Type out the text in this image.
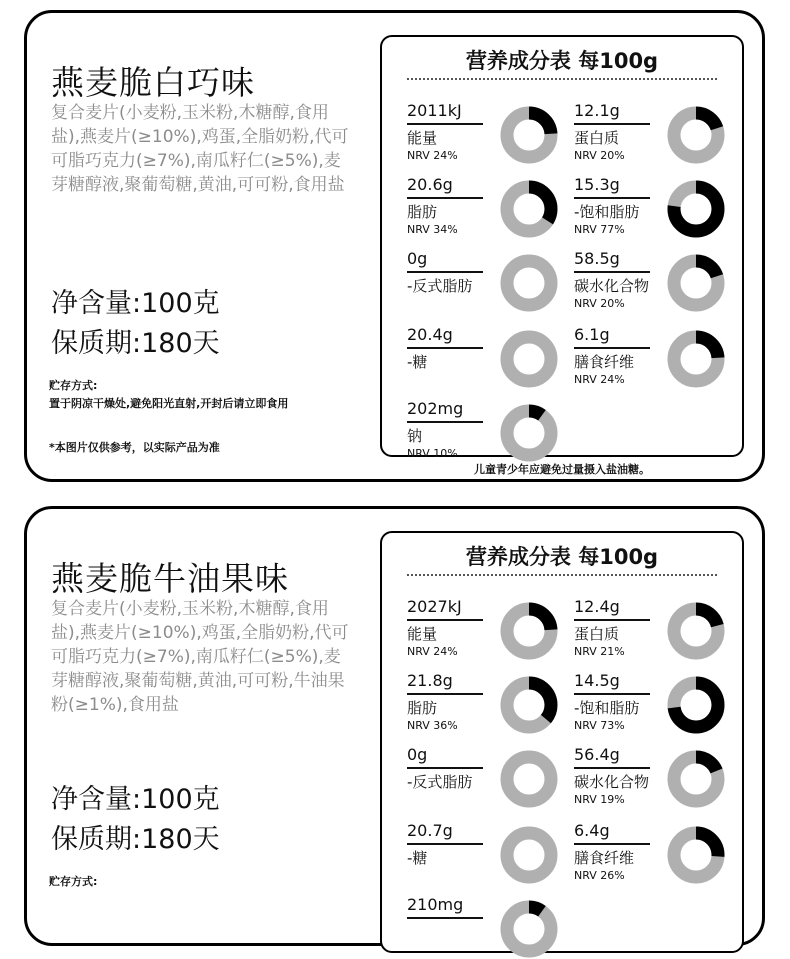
燕麦脆白巧味
复合麦片(小麦粉,玉米粉,木糖醇,食用盐),燕麦片(≥10%),鸡蛋,全脂奶粉,代可可脂巧克力(≥7%),南瓜籽仁(≥5%),麦芽糖醇液,聚葡萄糖,黄油,可可粉,食用盐
净含量:100克
保质期:180天
贮存方式:
置于阴凉干燥处,避免阳光直射,开封后请立即食用
*本图片仅供参考，以实际产品为准
营养成分表 每100g
2011kJ
能量
NRV 24%
12.1g
蛋白质
NRV 20%
20.6g
脂肪
NRV 34%
15.3g
-饱和脂肪
NRV 77%
0g
-反式脂肪
58.5g
碳水化合物
NRV 20%
20.4g
-糖
6.1g
膳食纤维
NRV 24%
202mg
钠
NRV 10%
儿童青少年应避免过量摄入盐油糖。
燕麦脆牛油果味
复合麦片(小麦粉,玉米粉,木糖醇,食用盐),燕麦片(≥10%),鸡蛋,全脂奶粉,代可可脂巧克力(≥7%),南瓜籽仁(≥5%),麦芽糖醇液,聚葡萄糖,黄油,可可粉,牛油果粉(≥1%),食用盐
净含量:100克
保质期:180天
贮存方式:
营养成分表 每100g
2027kJ
能量
NRV 24%
12.4g
蛋白质
NRV 21%
21.8g
脂肪
NRV 36%
14.5g
-饱和脂肪
NRV 73%
0g
-反式脂肪
56.4g
碳水化合物
NRV 19%
20.7g
-糖
6.4g
膳食纤维
NRV 26%
210mg
